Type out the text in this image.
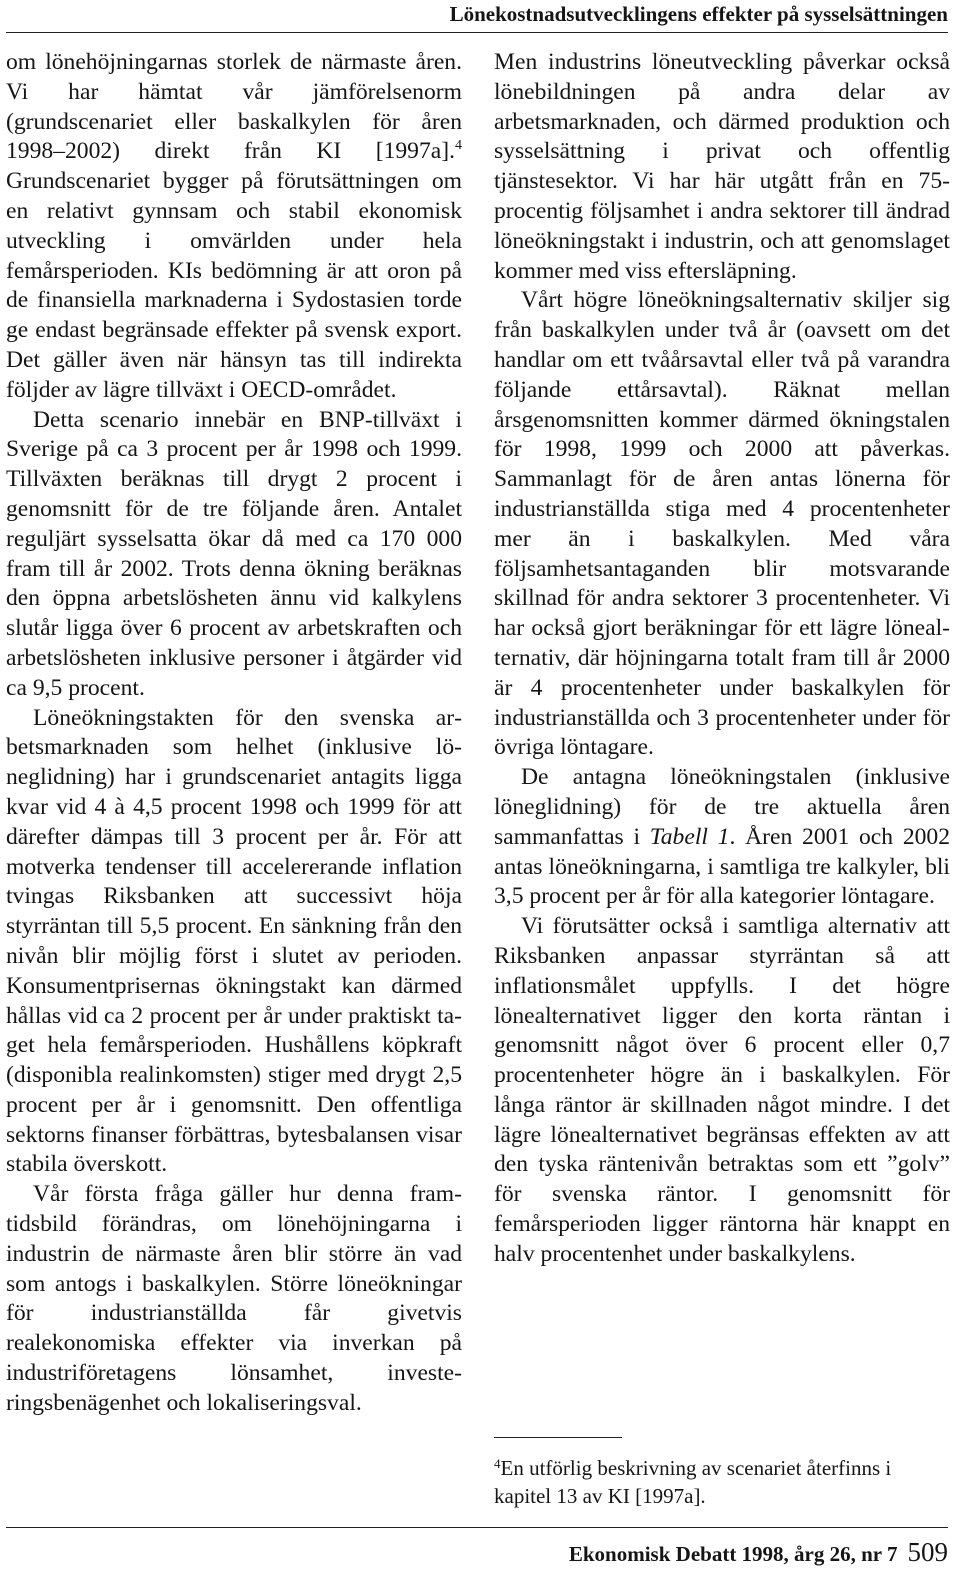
Lönekostnadsutvecklingens effekter på sysselsättningen

om lönehöjningarnas storlek de närmaste åren. Vi har hämtat vår jämförelsenorm (grundscenariet eller baskalkylen för åren 1998–2002) direkt från KI [1997a].$^4$ Grundscenariet bygger på förutsättningen om en relativt gynnsam och stabil ekonomisk utveckling i omvärlden under hela femårsperioden. KIs bedömning är att oron på de finansiella marknaderna i Sydostasien torde ge endast begränsade effekter på svensk export. Det gäller även när hänsyn tas till indirekta följder av lägre tillväxt i OECD-området.

Detta scenario innebär en BNP-tillväxt i Sverige på ca 3 procent per år 1998 och 1999. Tillväxten beräknas till drygt 2 procent i genomsnitt för de tre följande åren. Antalet reguljärt sysselsatta ökar då med ca 170 000 fram till år 2002. Trots denna ökning beräknas den öppna arbetslösheten ännu vid kalkylens slutår ligga över 6 procent av arbetskraften och arbetslösheten inklusive personer i åtgärder vid ca 9,5 procent.

Löneökningstakten för den svenska arbetsmarknaden som helhet (inklusive löneglidning) har i grundscenariet antagits ligga kvar vid 4 à 4,5 procent 1998 och 1999 för att därefter dämpas till 3 procent per år. För att motverka tendenser till accelererande inflation tvingas Riksbanken att successivt höja styrräntan till 5,5 procent. En sänkning från den nivån blir möjlig först i slutet av perioden. Konsumentprisernas ökningstakt kan därmed hållas vid ca 2 procent per år under praktiskt taget hela femårsperioden. Hushållens köpkraft (disponibla realinkomsten) stiger med drygt 2,5 procent per år i genomsnitt. Den offentliga sektorns finanser förbättras, bytesbalansen visar stabila överskott.

Vår första fråga gäller hur denna framtidsbild förändras, om lönehöjningarna i industrin de närmaste åren blir större än vad som antogs i baskalkylen. Större löneökningar för industrianställda får givetvis realekonomiska effekter via inverkan på industriföretagens lönsamhet, investeringsbenägenhet och lokaliseringsval.

Men industrins löneutveckling påverkar också lönebildningen på andra delar av arbetsmarknaden, och därmed produktion och sysselsättning i privat och offentlig tjänstesektor. Vi har här utgått från en 75-procentig följsamhet i andra sektorer till ändrad löneökningstakt i industrin, och att genomslaget kommer med viss eftersläpning.

Vårt högre löneökningsalternativ skiljer sig från baskalkylen under två år (oavsett om det handlar om ett tvåårsavtal eller två på varandra följande ettårsavtal). Räknat mellan årsgenomsnitten kommer därmed ökningstalen för 1998, 1999 och 2000 att påverkas. Sammanlagt för de åren antas lönerna för industrianställda stiga med 4 procentenheter mer än i baskalkylen. Med våra följsamhetsantaganden blir motsvarande skillnad för andra sektorer 3 procentenheter. Vi har också gjort beräkningar för ett lägre lönealternativ, där höjningarna totalt fram till år 2000 är 4 procentenheter under baskalkylen för industrianställda och 3 procentenheter under för övriga löntagare.

De antagna löneökningstalen (inklusive löneglidning) för de tre aktuella åren sammanfattas i Tabell 1. Åren 2001 och 2002 antas löneökningarna, i samtliga tre kalkyler, bli 3,5 procent per år för alla kategorier löntagare.

Vi förutsätter också i samtliga alternativ att Riksbanken anpassar styrräntan så att inflationsmålet uppfylls. I det högre lönealternativet ligger den korta räntan i genomsnitt något över 6 procent eller 0,7 procentenheter högre än i baskalkylen. För långa räntor är skillnaden något mindre. I det lägre lönealternativet begränsas effekten av att den tyska räntenivån betraktas som ett ”golv” för svenska räntor. I genomsnitt för femårsperioden ligger räntorna här knappt en halv procentenhet under baskalkylens.

$^4$En utförlig beskrivning av scenariet återfinns i kapitel 13 av KI [1997a].

Ekonomisk Debatt 1998, årg 26, nr 7 509
